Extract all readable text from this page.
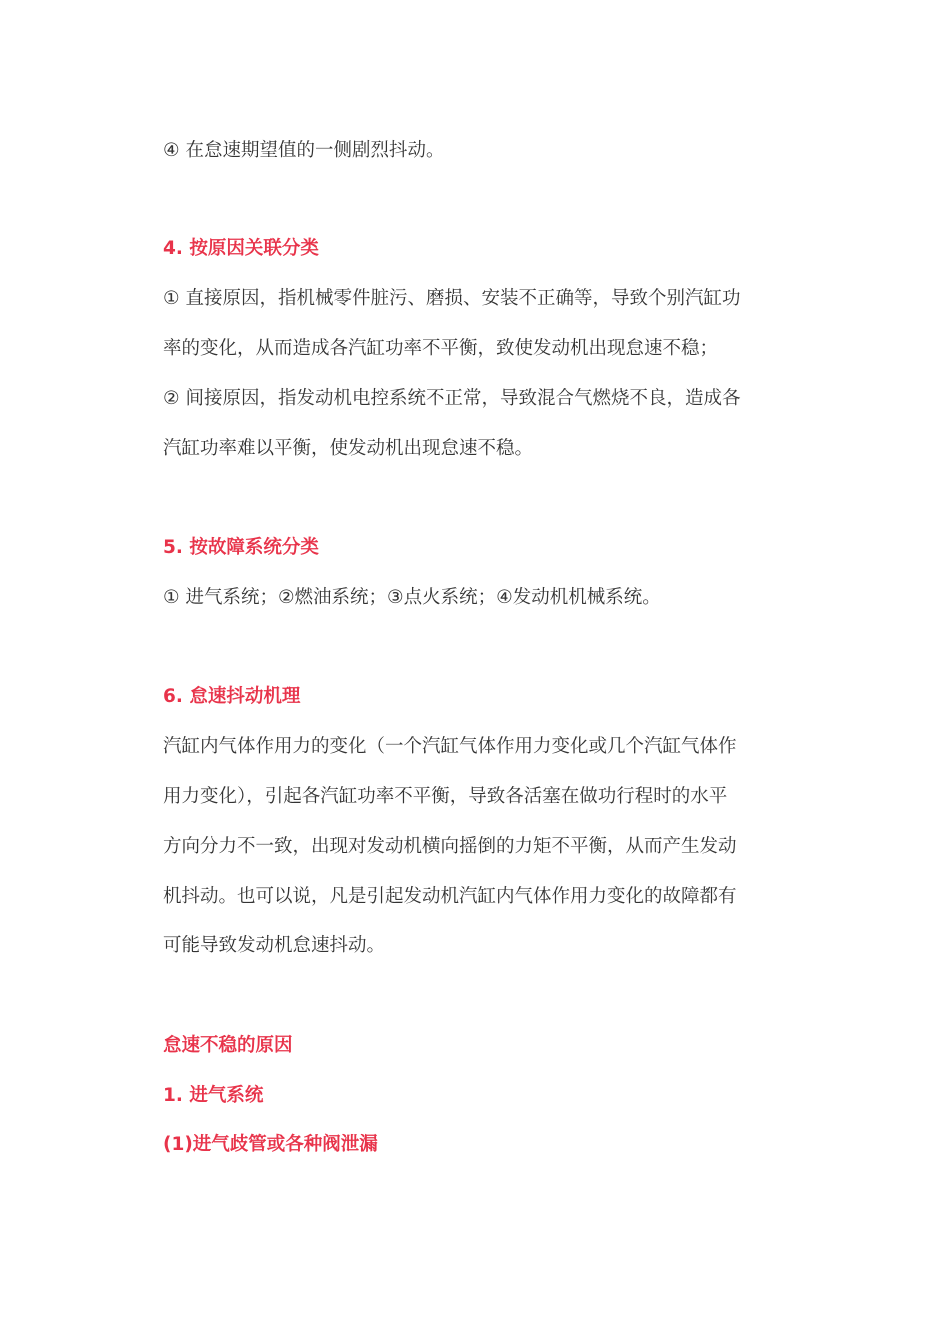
④ 在怠速期望值的一侧剧烈抖动。
4. 按原因关联分类
① 直接原因，指机械零件脏污、磨损、安装不正确等，导致个别汽缸功
率的变化，从而造成各汽缸功率不平衡，致使发动机出现怠速不稳；
② 间接原因，指发动机电控系统不正常，导致混合气燃烧不良，造成各
汽缸功率难以平衡，使发动机出现怠速不稳。
5. 按故障系统分类
① 进气系统；②燃油系统；③点火系统；④发动机机械系统。
6. 怠速抖动机理
汽缸内气体作用力的变化（一个汽缸气体作用力变化或几个汽缸气体作
用力变化），引起各汽缸功率不平衡，导致各活塞在做功行程时的水平
方向分力不一致，出现对发动机横向摇倒的力矩不平衡，从而产生发动
机抖动。也可以说，凡是引起发动机汽缸内气体作用力变化的故障都有
可能导致发动机怠速抖动。
怠速不稳的原因
1. 进气系统
(1)进气歧管或各种阀泄漏
